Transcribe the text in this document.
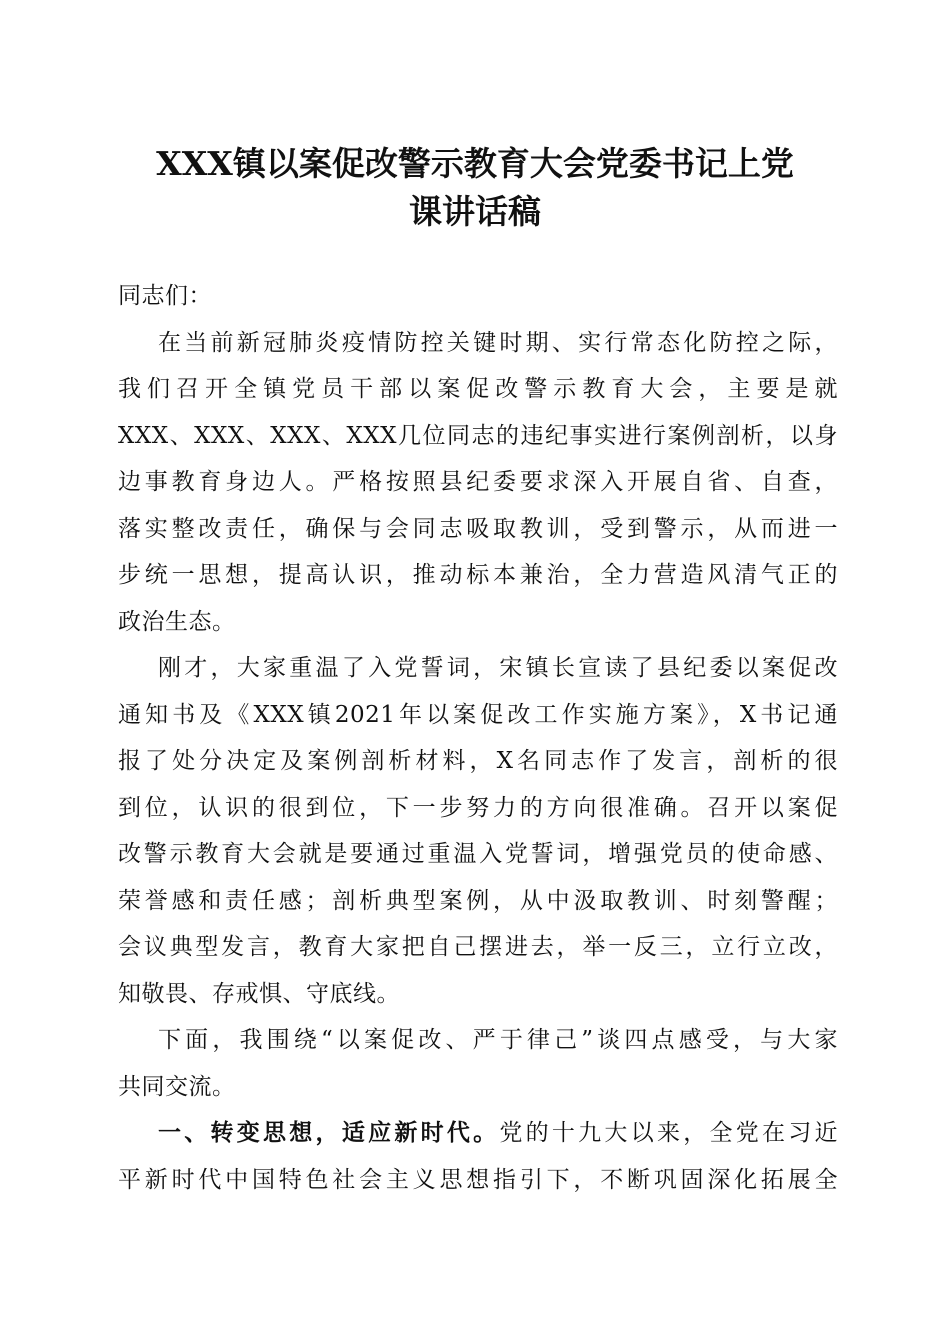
XXX镇以案促改警示教育大会党委书记上党
课讲话稿
同志们：
在当前新冠肺炎疫情防控关键时期、实行常态化防控之际，
我们召开全镇党员干部以案促改警示教育大会，主要是就
XXX、XXX、XXX、XXX几位同志的违纪事实进行案例剖析，以身
边事教育身边人。严格按照县纪委要求深入开展自省、自查，
落实整改责任，确保与会同志吸取教训，受到警示，从而进一
步统一思想，提高认识，推动标本兼治，全力营造风清气正的
政治生态。
刚才，大家重温了入党誓词，宋镇长宣读了县纪委以案促改
通知书及《XXX镇2021年以案促改工作实施方案》，X书记通
报了处分决定及案例剖析材料，X名同志作了发言，剖析的很
到位，认识的很到位，下一步努力的方向很准确。召开以案促
改警示教育大会就是要通过重温入党誓词，增强党员的使命感、
荣誉感和责任感；剖析典型案例，从中汲取教训、时刻警醒；
会议典型发言，教育大家把自己摆进去，举一反三，立行立改，
知敬畏、存戒惧、守底线。
下面，我围绕“以案促改、严于律己”谈四点感受，与大家
共同交流。
一、转变思想，适应新时代。党的十九大以来，全党在习近
平新时代中国特色社会主义思想指引下，不断巩固深化拓展全
